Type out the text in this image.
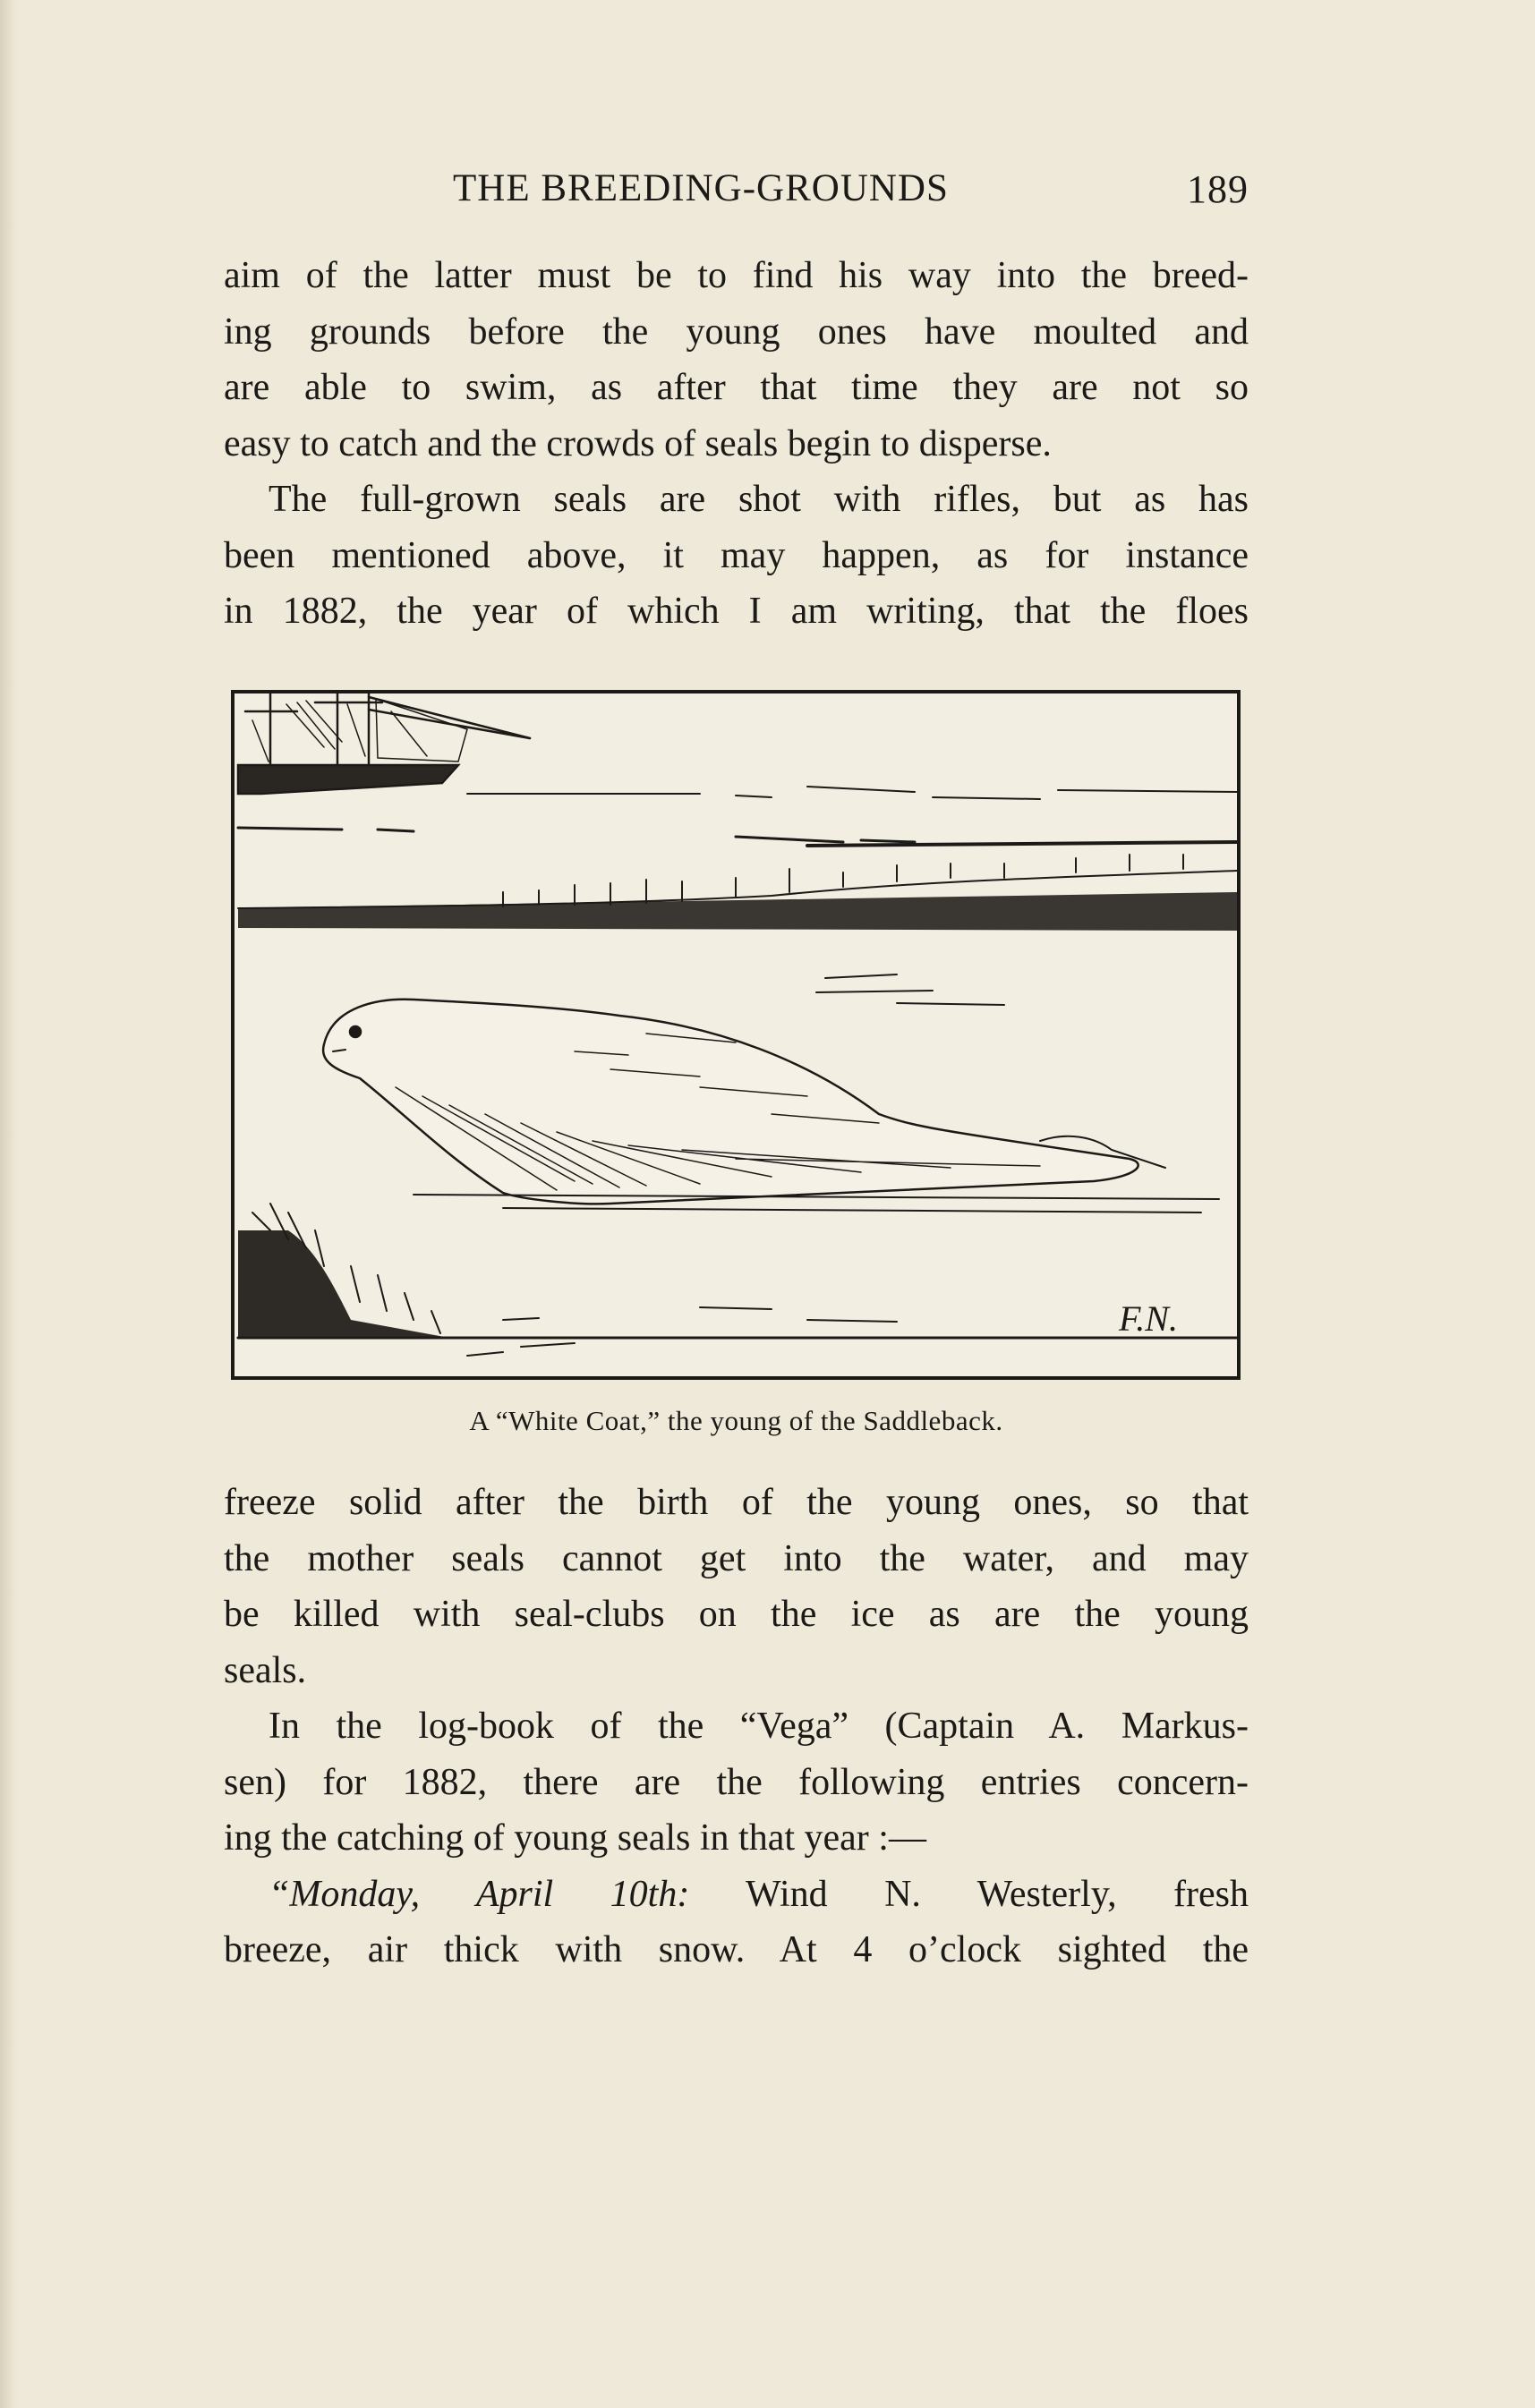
THE BREEDING-GROUNDS	189
aim of the latter must be to find his way into the breed-
ing grounds before the young ones have moulted and
are able to swim, as after that time they are not so
easy to catch and the crowds of seals begin to disperse.
The full-grown seals are shot with rifles, but as has
been mentioned above, it may happen, as for instance
in 1882, the year of which I am writing, that the floes
F.N.
A “White Coat,” the young of the Saddleback.
freeze solid after the birth of the young ones, so that
the mother seals cannot get into the water, and may
be killed with seal-clubs on the ice as are the young
seals.
In the log-book of the “Vega” (Captain A. Markus-
sen) for 1882, there are the following entries concern-
ing the catching of young seals in that year :—
“Monday, April 10th: Wind N. Westerly, fresh
breeze, air thick with snow. At 4 o’clock sighted the
